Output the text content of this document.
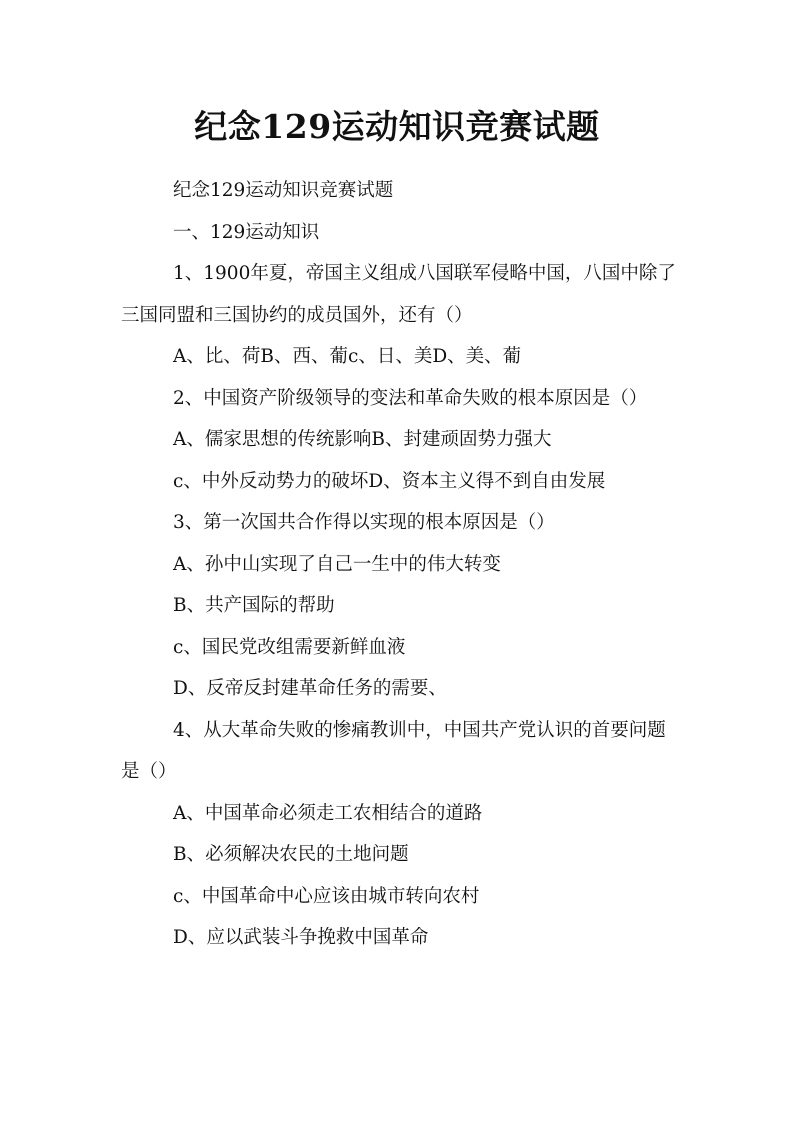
纪念129运动知识竞赛试题

纪念129运动知识竞赛试题

一、129运动知识

1、1900年夏，帝国主义组成八国联军侵略中国，八国中除了三国同盟和三国协约的成员国外，还有（）

A、比、荷B、西、葡c、日、美D、美、葡

2、中国资产阶级领导的变法和革命失败的根本原因是（）

A、儒家思想的传统影响B、封建顽固势力强大

c、中外反动势力的破坏D、资本主义得不到自由发展

3、第一次国共合作得以实现的根本原因是（）

A、孙中山实现了自己一生中的伟大转变

B、共产国际的帮助

c、国民党改组需要新鲜血液

D、反帝反封建革命任务的需要、

4、从大革命失败的惨痛教训中，中国共产党认识的首要问题是（）

A、中国革命必须走工农相结合的道路

B、必须解决农民的土地问题

c、中国革命中心应该由城市转向农村

D、应以武装斗争挽救中国革命
